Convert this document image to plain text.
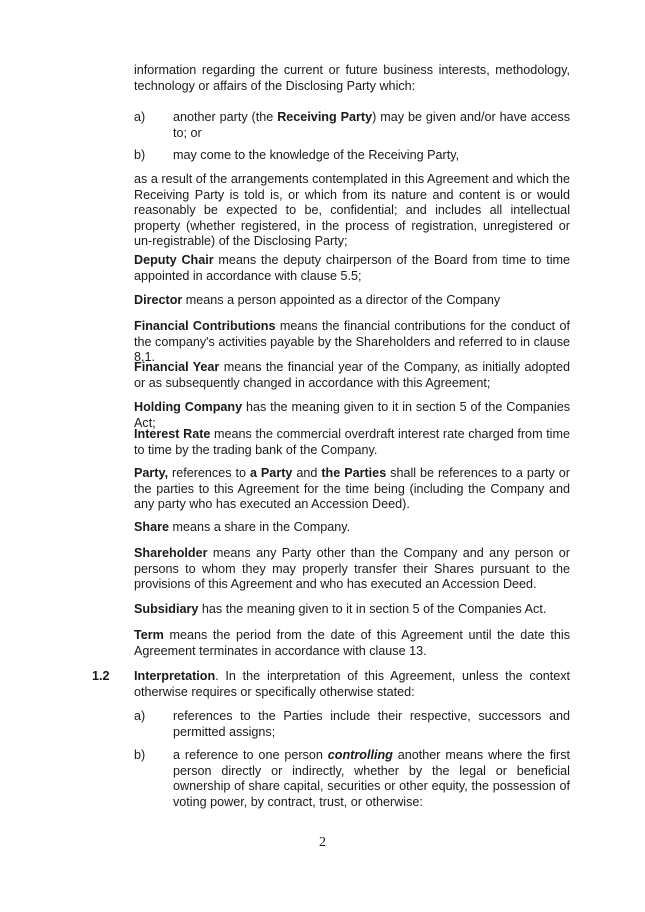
information regarding the current or future business interests, methodology, technology or affairs of the Disclosing Party which:

a) another party (the Receiving Party) may be given and/or have access to; or
b) may come to the knowledge of the Receiving Party,

as a result of the arrangements contemplated in this Agreement and which the Receiving Party is told is, or which from its nature and content is or would reasonably be expected to be, confidential; and includes all intellectual property (whether registered, in the process of registration, unregistered or un-registrable) of the Disclosing Party;

Deputy Chair means the deputy chairperson of the Board from time to time appointed in accordance with clause 5.5;

Director means a person appointed as a director of the Company

Financial Contributions means the financial contributions for the conduct of the company's activities payable by the Shareholders and referred to in clause 8.1.

Financial Year means the financial year of the Company, as initially adopted or as subsequently changed in accordance with this Agreement;

Holding Company has the meaning given to it in section 5 of the Companies Act;

Interest Rate means the commercial overdraft interest rate charged from time to time by the trading bank of the Company.

Party, references to a Party and the Parties shall be references to a party or the parties to this Agreement for the time being (including the Company and any party who has executed an Accession Deed).

Share means a share in the Company.

Shareholder means any Party other than the Company and any person or persons to whom they may properly transfer their Shares pursuant to the provisions of this Agreement and who has executed an Accession Deed.

Subsidiary has the meaning given to it in section 5 of the Companies Act.

Term means the period from the date of this Agreement until the date this Agreement terminates in accordance with clause 13.

1.2 Interpretation. In the interpretation of this Agreement, unless the context otherwise requires or specifically otherwise stated:
a) references to the Parties include their respective, successors and permitted assigns;
b) a reference to one person controlling another means where the first person directly or indirectly, whether by the legal or beneficial ownership of share capital, securities or other equity, the possession of voting power, by contract, trust, or otherwise:
2
